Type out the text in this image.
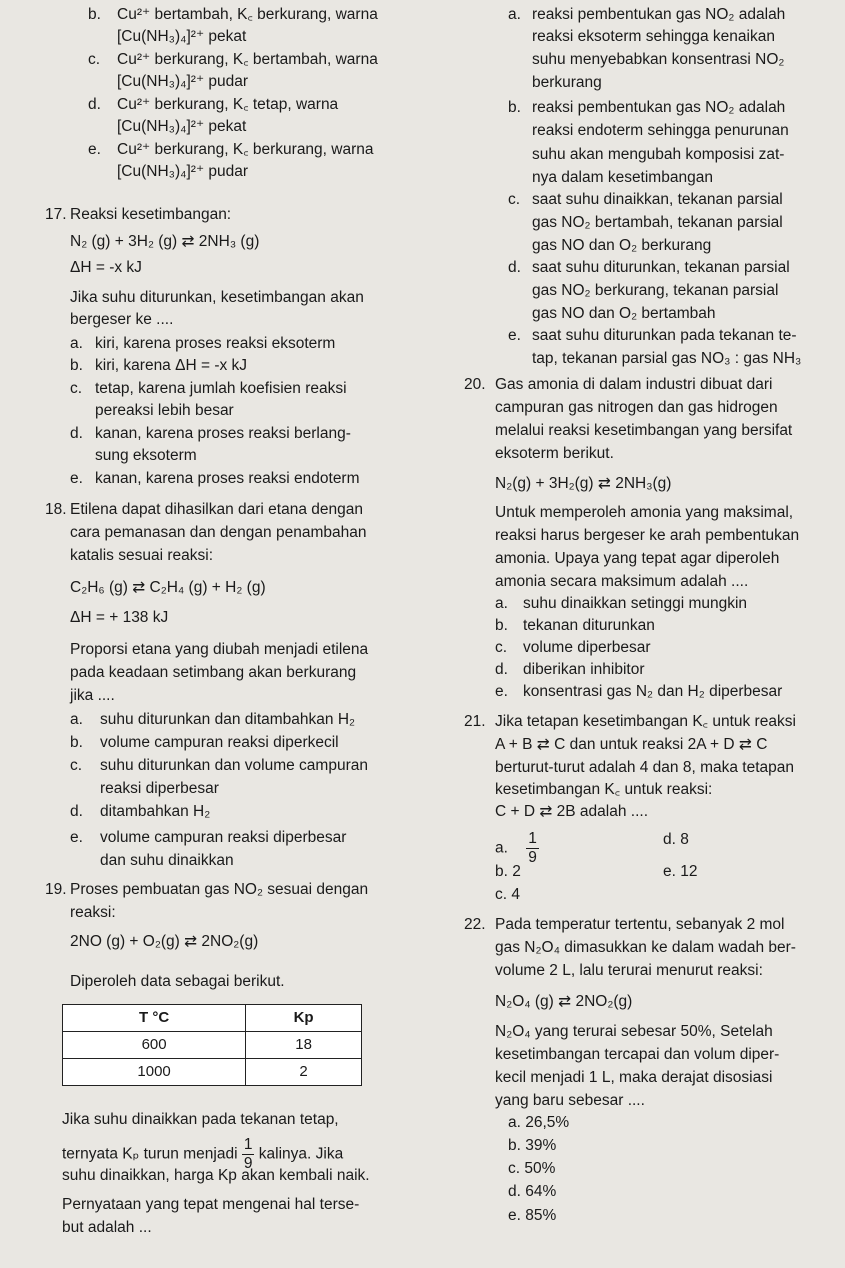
b. Cu²⁺ bertambah, K꜀ berkurang, warna
[Cu(NH₃)₄]²⁺ pekat
c. Cu²⁺ berkurang, K꜀ bertambah, warna
[Cu(NH₃)₄]²⁺ pudar
d. Cu²⁺ berkurang, K꜀ tetap, warna
[Cu(NH₃)₄]²⁺ pekat
e. Cu²⁺ berkurang, K꜀ berkurang, warna
[Cu(NH₃)₄]²⁺ pudar
17. Reaksi kesetimbangan:
N₂ (g) + 3H₂ (g) ⇄ 2NH₃ (g)
ΔH = -x kJ
Jika suhu diturunkan, kesetimbangan akan
bergeser ke ....
a. kiri, karena proses reaksi eksoterm
b. kiri, karena ΔH = -x kJ
c. tetap, karena jumlah koefisien reaksi
pereaksi lebih besar
d. kanan, karena proses reaksi berlang-
sung eksoterm
e. kanan, karena proses reaksi endoterm
18. Etilena dapat dihasilkan dari etana dengan
cara pemanasan dan dengan penambahan
katalis sesuai reaksi:
C₂H₆ (g) ⇄ C₂H₄ (g) + H₂ (g)
ΔH = + 138 kJ
Proporsi etana yang diubah menjadi etilena
pada keadaan setimbang akan berkurang
jika ....
a. suhu diturunkan dan ditambahkan H₂
b. volume campuran reaksi diperkecil
c. suhu diturunkan dan volume campuran
reaksi diperbesar
d. ditambahkan H₂
e. volume campuran reaksi diperbesar
dan suhu dinaikkan
19. Proses pembuatan gas NO₂ sesuai dengan
reaksi:
2NO (g) + O₂(g) ⇄ 2NO₂(g)
Diperoleh data sebagai berikut.
T °C	Kp
600	18
1000	2
Jika suhu dinaikkan pada tekanan tetap,
ternyata Kₚ turun menjadi $\frac{1}{9}$ kalinya. Jika
suhu dinaikkan, harga Kp akan kembali naik.
Pernyataan yang tepat mengenai hal terse-
but adalah ...
a. reaksi pembentukan gas NO₂ adalah
reaksi eksoterm sehingga kenaikan
suhu menyebabkan konsentrasi NO₂
berkurang
b. reaksi pembentukan gas NO₂ adalah
reaksi endoterm sehingga penurunan
suhu akan mengubah komposisi zat-
nya dalam kesetimbangan
c. saat suhu dinaikkan, tekanan parsial
gas NO₂ bertambah, tekanan parsial
gas NO dan O₂ berkurang
d. saat suhu diturunkan, tekanan parsial
gas NO₂ berkurang, tekanan parsial
gas NO dan O₂ bertambah
e. saat suhu diturunkan pada tekanan te-
tap, tekanan parsial gas NO₃ : gas NH₃
20. Gas amonia di dalam industri dibuat dari
campuran gas nitrogen dan gas hidrogen
melalui reaksi kesetimbangan yang bersifat
eksoterm berikut.
N₂(g) + 3H₂(g) ⇄ 2NH₃(g)
Untuk memperoleh amonia yang maksimal,
reaksi harus bergeser ke arah pembentukan
amonia. Upaya yang tepat agar diperoleh
amonia secara maksimum adalah ....
a. suhu dinaikkan setinggi mungkin
b. tekanan diturunkan
c. volume diperbesar
d. diberikan inhibitor
e. konsentrasi gas N₂ dan H₂ diperbesar
21. Jika tetapan kesetimbangan K꜀ untuk reaksi
A + B ⇄ C dan untuk reaksi 2A + D ⇄ C
berturut-turut adalah 4 dan 8, maka tetapan
kesetimbangan K꜀ untuk reaksi:
C + D ⇄ 2B adalah ....
a. $\frac{1}{9}$
b. 2
c. 4
d. 8
e. 12
22. Pada temperatur tertentu, sebanyak 2 mol
gas N₂O₄ dimasukkan ke dalam wadah ber-
volume 2 L, lalu terurai menurut reaksi:
N₂O₄ (g) ⇄ 2NO₂(g)
N₂O₄ yang terurai sebesar 50%, Setelah
kesetimbangan tercapai dan volum diper-
kecil menjadi 1 L, maka derajat disosiasi
yang baru sebesar ....
a. 26,5%
b. 39%
c. 50%
d. 64%
e. 85%
